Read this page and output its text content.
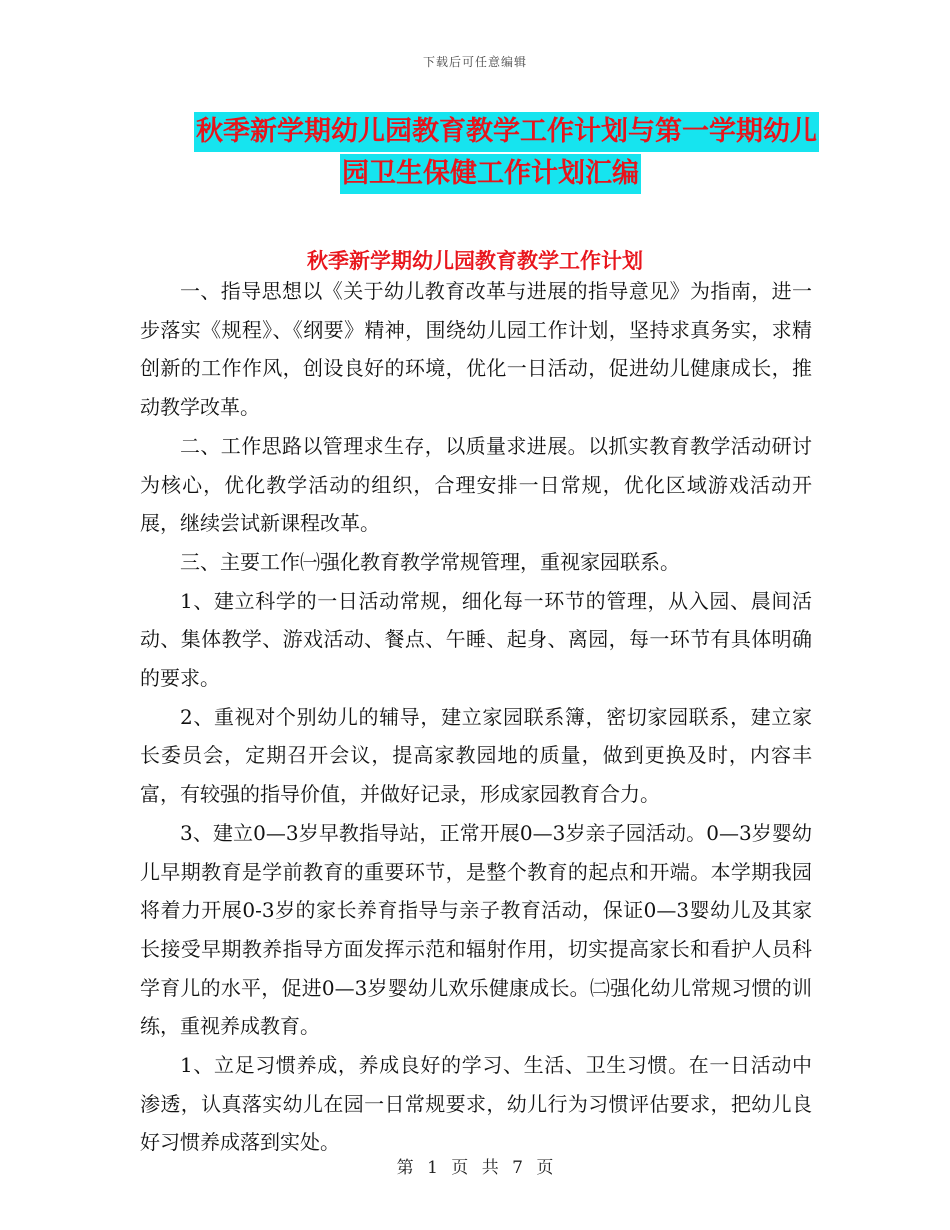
下载后可任意编辑
秋季新学期幼儿园教育教学工作计划与第一学期幼儿
园卫生保健工作计划汇编
秋季新学期幼儿园教育教学工作计划

一、指导思想以《关于幼儿教育改革与进展的指导意见》为指南，进一步落实《规程》、《纲要》精神，围绕幼儿园工作计划，坚持求真务实，求精创新的工作作风，创设良好的环境，优化一日活动，促进幼儿健康成长，推动教学改革。

二、工作思路以管理求生存，以质量求进展。以抓实教育教学活动研讨为核心，优化教学活动的组织，合理安排一日常规，优化区域游戏活动开展，继续尝试新课程改革。

三、主要工作㈠强化教育教学常规管理，重视家园联系。

1、建立科学的一日活动常规，细化每一环节的管理，从入园、晨间活动、集体教学、游戏活动、餐点、午睡、起身、离园，每一环节有具体明确的要求。

2、重视对个别幼儿的辅导，建立家园联系簿，密切家园联系，建立家长委员会，定期召开会议，提高家教园地的质量，做到更换及时，内容丰富，有较强的指导价值，并做好记录，形成家园教育合力。

3、建立0—3岁早教指导站，正常开展0—3岁亲子园活动。0—3岁婴幼儿早期教育是学前教育的重要环节，是整个教育的起点和开端。本学期我园将着力开展0-3岁的家长养育指导与亲子教育活动，保证0—3婴幼儿及其家长接受早期教养指导方面发挥示范和辐射作用，切实提高家长和看护人员科学育儿的水平，促进0—3岁婴幼儿欢乐健康成长。㈡强化幼儿常规习惯的训练，重视养成教育。

1、立足习惯养成，养成良好的学习、生活、卫生习惯。在一日活动中渗透，认真落实幼儿在园一日常规要求，幼儿行为习惯评估要求，把幼儿良好习惯养成落到实处。

第 1 页 共 7 页
